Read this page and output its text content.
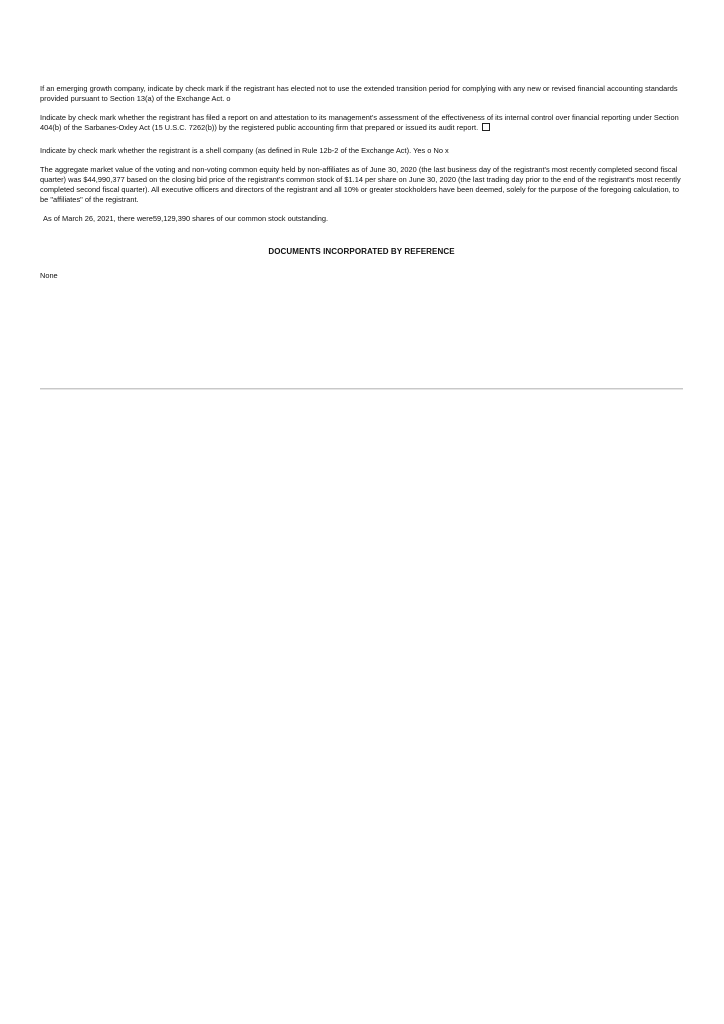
If an emerging growth company, indicate by check mark if the registrant has elected not to use the extended transition period for complying with any new or revised financial accounting standards provided pursuant to Section 13(a) of the Exchange Act. o

Indicate by check mark whether the registrant has filed a report on and attestation to its management's assessment of the effectiveness of its internal control over financial reporting under Section 404(b) of the Sarbanes-Oxley Act (15 U.S.C. 7262(b)) by the registered public accounting firm that prepared or issued its audit report.

Indicate by check mark whether the registrant is a shell company (as defined in Rule 12b-2 of the Exchange Act). Yes o No x

The aggregate market value of the voting and non-voting common equity held by non-affiliates as of June 30, 2020 (the last business day of the registrant's most recently completed second fiscal quarter) was $44,990,377 based on the closing bid price of the registrant's common stock of $1.14 per share on June 30, 2020 (the last trading day prior to the end of the registrant's most recently completed second fiscal quarter). All executive officers and directors of the registrant and all 10% or greater stockholders have been deemed, solely for the purpose of the foregoing calculation, to be "affiliates" of the registrant.

As of March 26, 2021, there were59,129,390 shares of our common stock outstanding.

DOCUMENTS INCORPORATED BY REFERENCE
None
